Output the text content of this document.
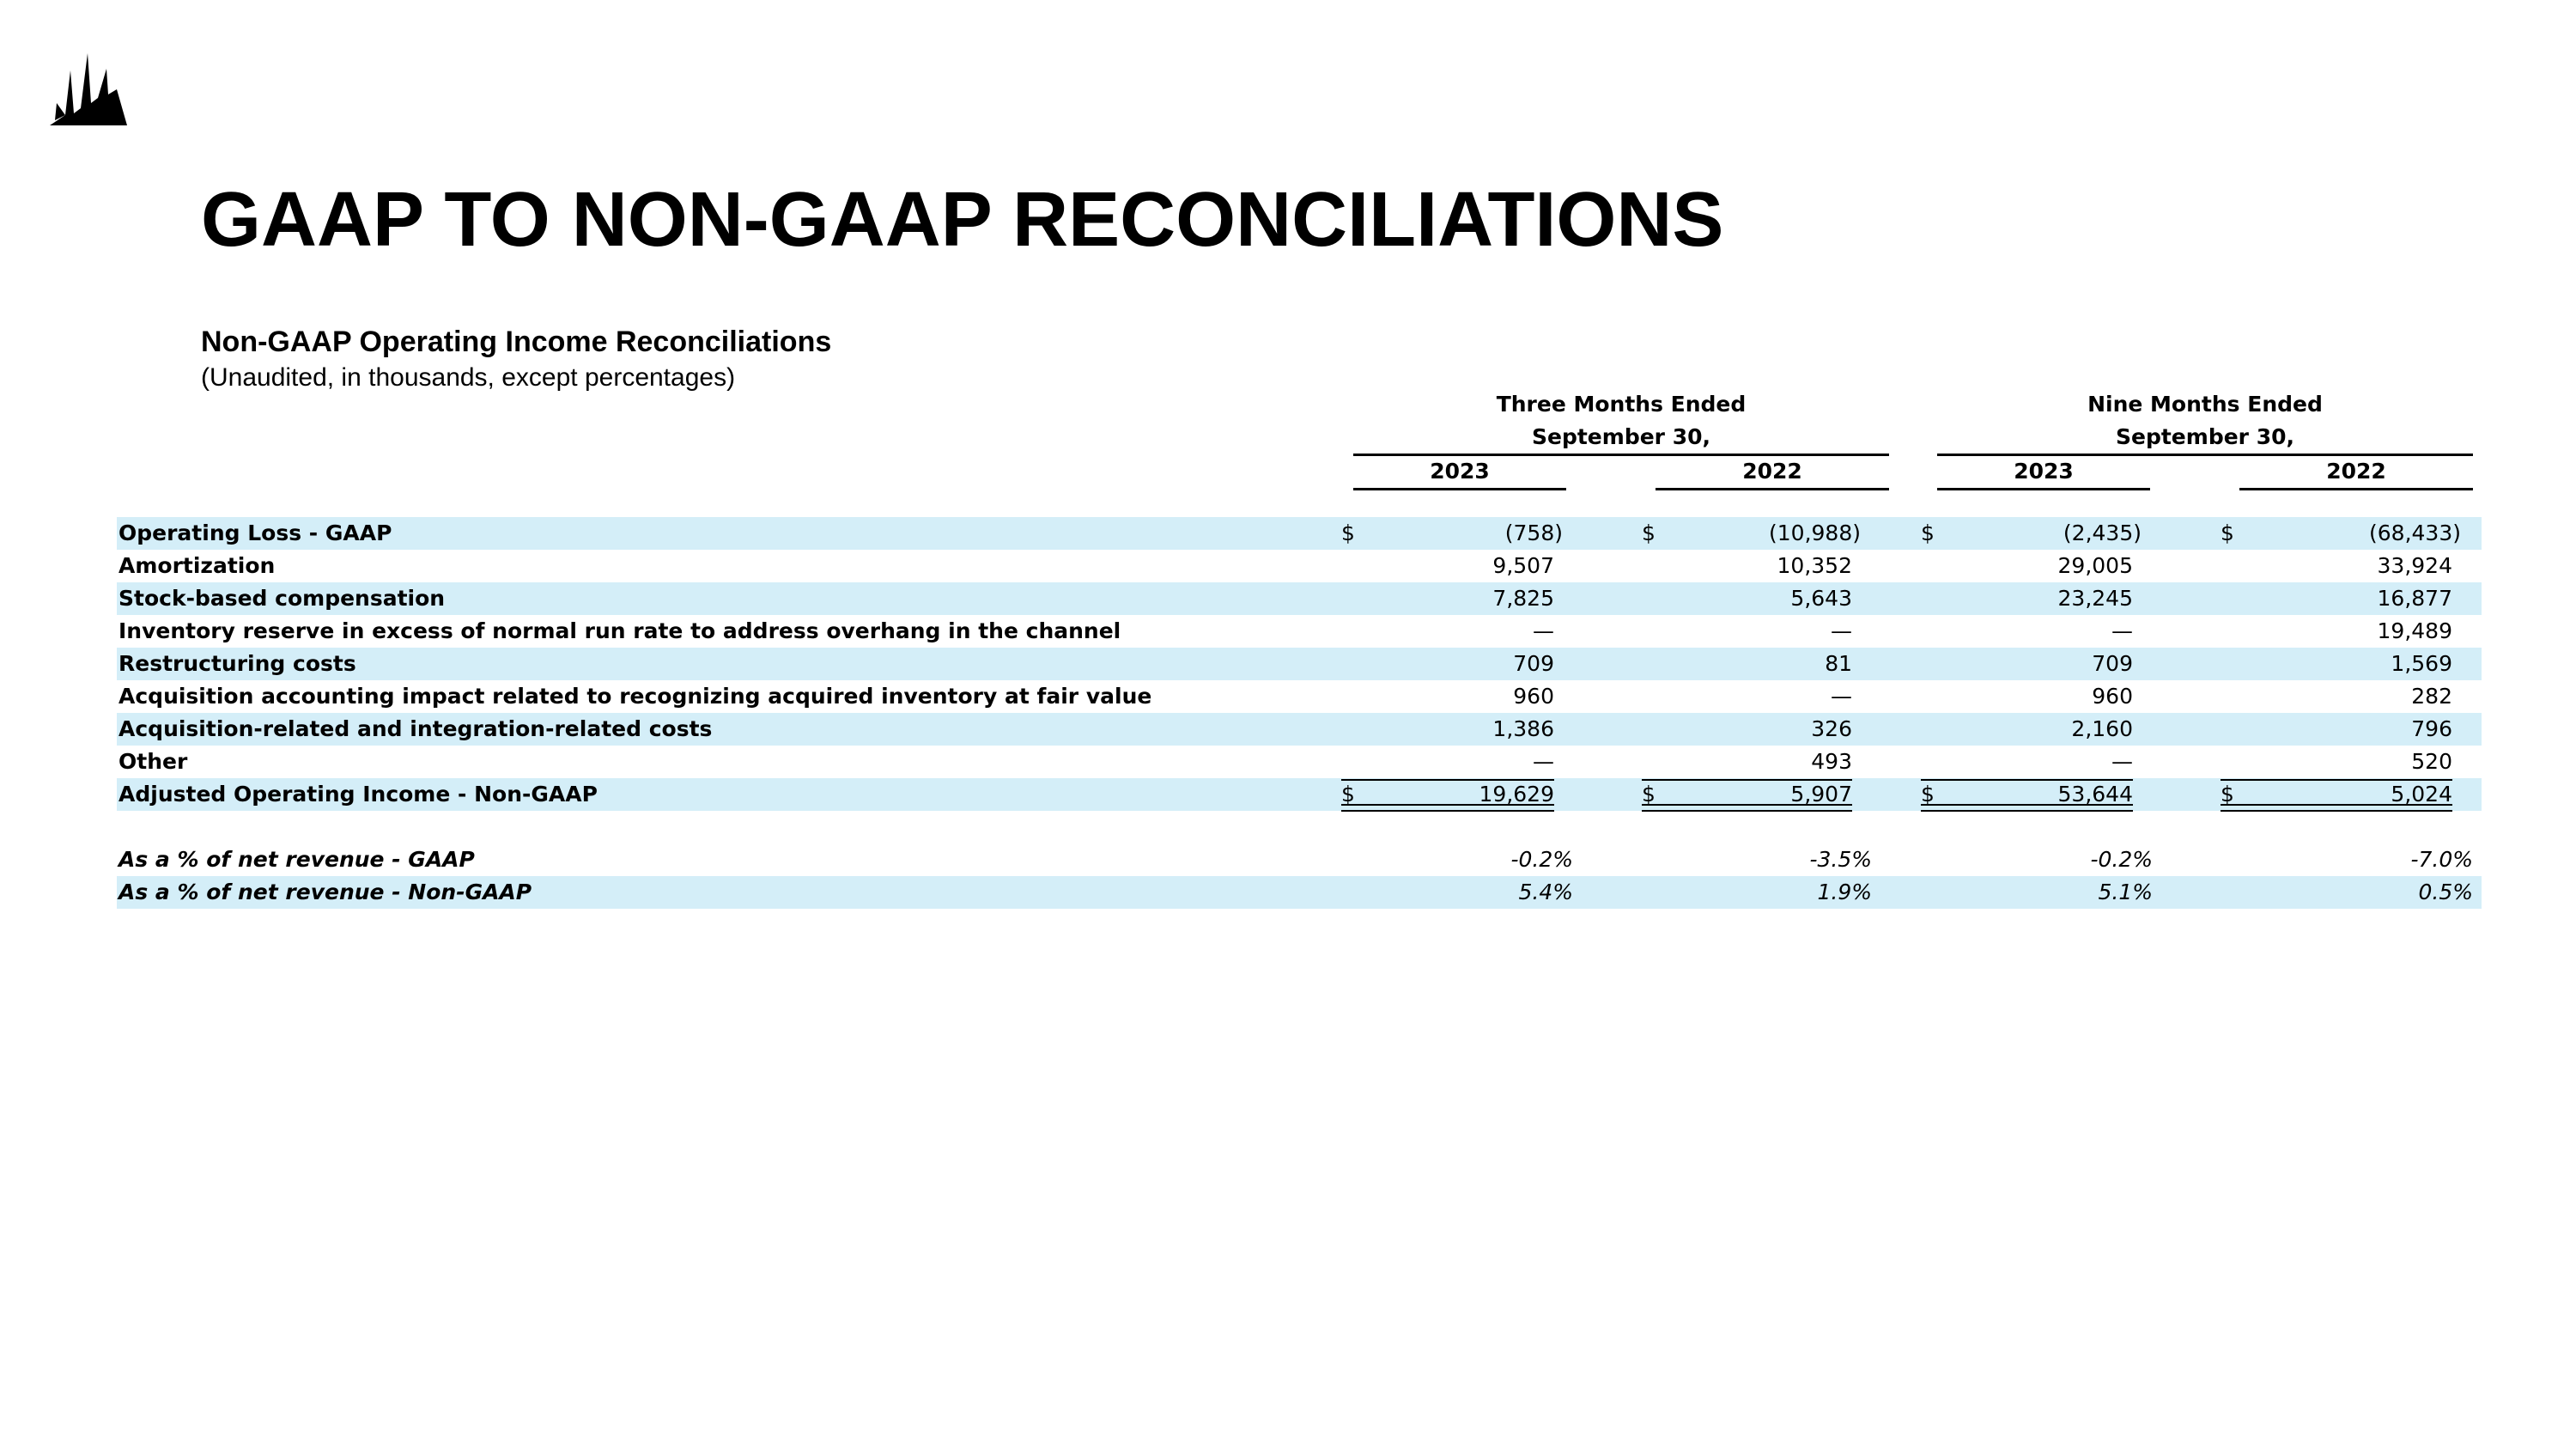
GAAP TO NON-GAAP RECONCILIATIONS
Non-GAAP Operating Income Reconciliations
(Unaudited, in thousands, except percentages)
Three Months Ended
September 30,
Nine Months Ended
September 30,
2023	2022	2023	2022
Operating Loss - GAAP	$	(758)	$	(10,988)	$	(2,435)	$	(68,433)
Amortization	9,507	10,352	29,005	33,924
Stock-based compensation	7,825	5,643	23,245	16,877
Inventory reserve in excess of normal run rate to address overhang in the channel	—	—	—	19,489
Restructuring costs	709	81	709	1,569
Acquisition accounting impact related to recognizing acquired inventory at fair value	960	—	960	282
Acquisition-related and integration-related costs	1,386	326	2,160	796
Other	—	493	—	520
Adjusted Operating Income - Non-GAAP	$	19,629	$	5,907	$	53,644	$	5,024
As a % of net revenue - GAAP	-0.2%	-3.5%	-0.2%	-7.0%
As a % of net revenue - Non-GAAP	5.4%	1.9%	5.1%	0.5%
